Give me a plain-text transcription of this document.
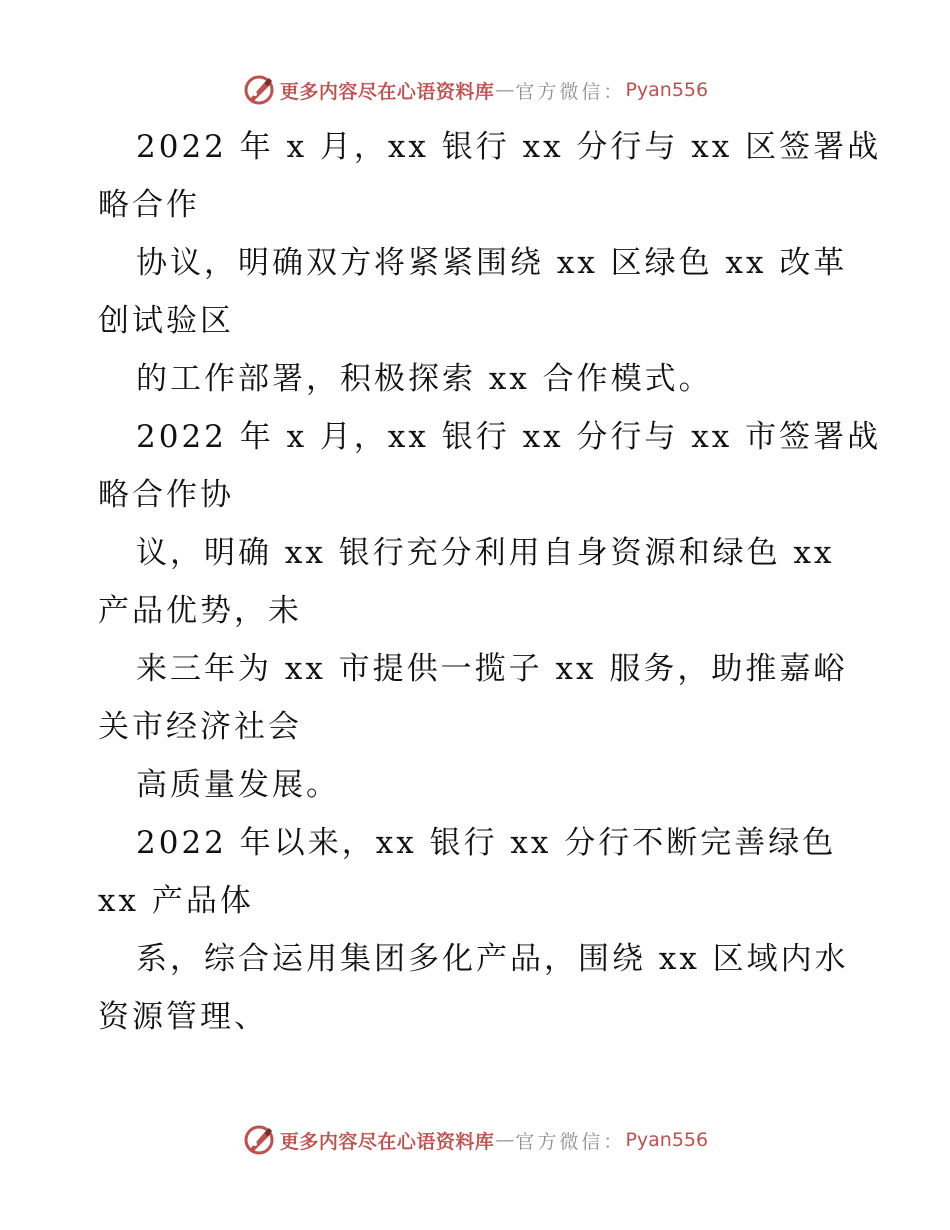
更多内容尽在心语资料库 — 官方微信： Pyan556
2022 年 x 月，xx 银行 xx 分行与 xx 区签署战
略合作
协议，明确双方将紧紧围绕 xx 区绿色 xx 改革
创试验区
的工作部署，积极探索 xx 合作模式。
2022 年 x 月，xx 银行 xx 分行与 xx 市签署战
略合作协
议，明确 xx 银行充分利用自身资源和绿色 xx
产品优势，未
来三年为 xx 市提供一揽子 xx 服务，助推嘉峪
关市经济社会
高质量发展。
2022 年以来，xx 银行 xx 分行不断完善绿色
xx 产品体
系，综合运用集团多化产品，围绕 xx 区域内水
资源管理、
更多内容尽在心语资料库 — 官方微信： Pyan556
